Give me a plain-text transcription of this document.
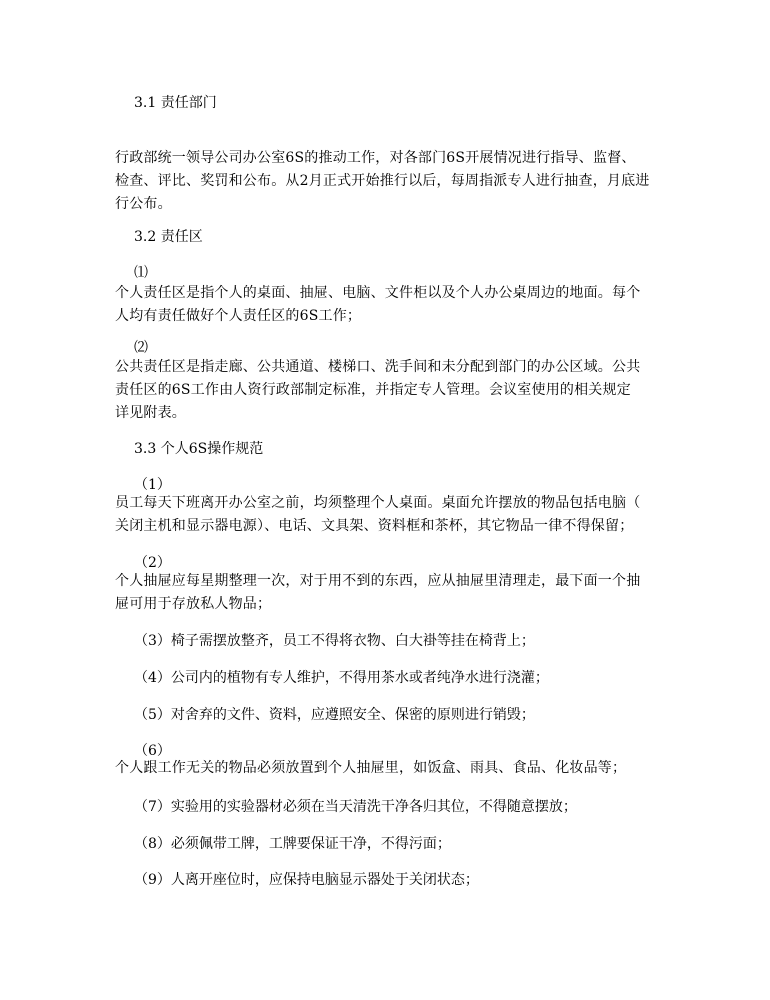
3.1 责任部门
行政部统一领导公司办公室6S的推动工作，对各部门6S开展情况进行指导、监督、
检查、评比、奖罚和公布。从2月正式开始推行以后，每周指派专人进行抽查，月底进
行公布。
3.2 责任区
⑴
个人责任区是指个人的桌面、抽屉、电脑、文件柜以及个人办公桌周边的地面。每个
人均有责任做好个人责任区的6S工作；
⑵
公共责任区是指走廊、公共通道、楼梯口、洗手间和未分配到部门的办公区域。公共
责任区的6S工作由人资行政部制定标准，并指定专人管理。会议室使用的相关规定
详见附表。
3.3 个人6S操作规范
（1）
员工每天下班离开办公室之前，均须整理个人桌面。桌面允许摆放的物品包括电脑（
关闭主机和显示器电源）、电话、文具架、资料框和茶杯，其它物品一律不得保留；
（2）
个人抽屉应每星期整理一次，对于用不到的东西，应从抽屉里清理走，最下面一个抽
屉可用于存放私人物品；
（3）椅子需摆放整齐，员工不得将衣物、白大褂等挂在椅背上；
（4）公司内的植物有专人维护，不得用茶水或者纯净水进行浇灌；
（5）对舍弃的文件、资料，应遵照安全、保密的原则进行销毁；
（6）
个人跟工作无关的物品必须放置到个人抽屉里，如饭盒、雨具、食品、化妆品等；
（7）实验用的实验器材必须在当天清洗干净各归其位，不得随意摆放；
（8）必须佩带工牌，工牌要保证干净，不得污面；
（9）人离开座位时，应保持电脑显示器处于关闭状态；
